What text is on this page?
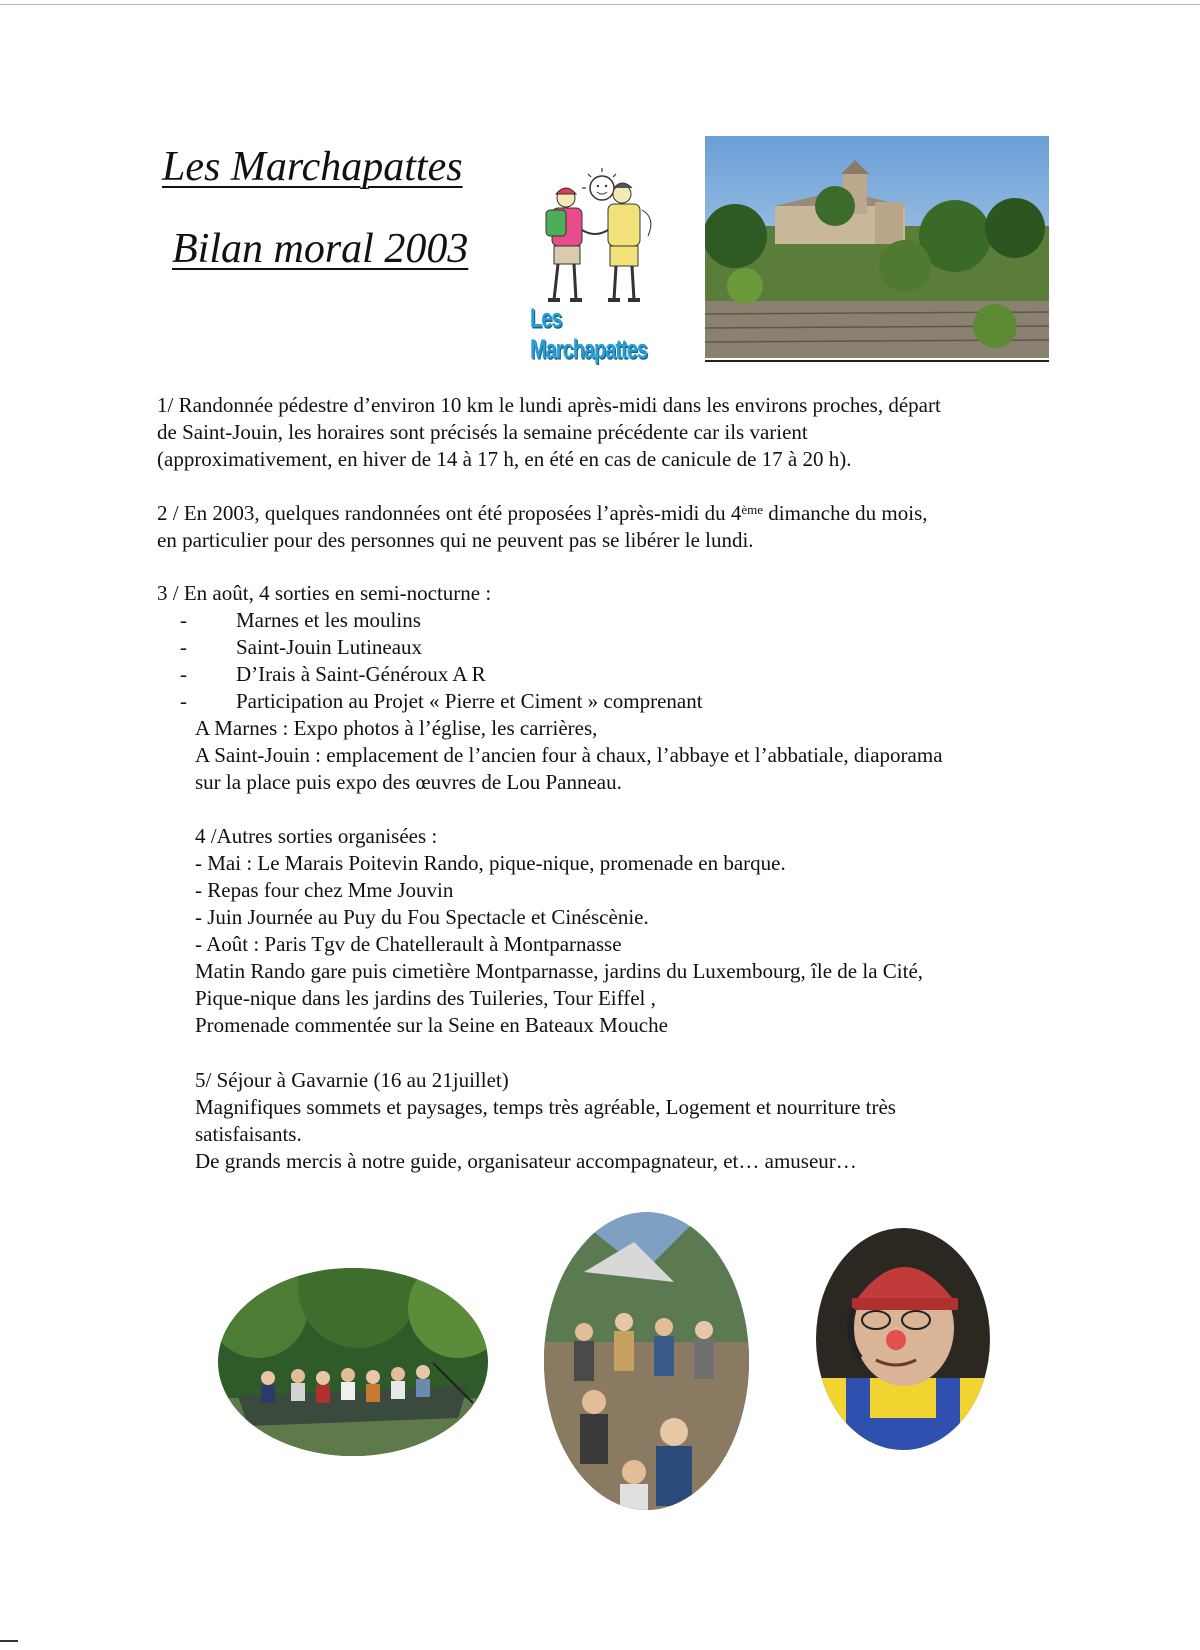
Les Marchapattes
Bilan moral 2003
Les Marchapattes
1/ Randonnée pédestre d’environ 10 km le lundi après-midi dans les environs proches, départ
de Saint-Jouin, les horaires sont précisés la semaine précédente car ils varient
(approximativement, en hiver de 14 à 17 h, en été en cas de canicule de 17 à 20 h).
2 / En 2003, quelques randonnées ont été proposées l’après-midi du 4ème dimanche du mois,
en particulier pour des personnes qui ne peuvent pas se libérer le lundi.
3 / En août, 4 sorties en semi-nocturne :
- Marnes et les moulins
- Saint-Jouin Lutineaux
- D’Irais à Saint-Généroux A R
- Participation au Projet « Pierre et Ciment » comprenant
A Marnes : Expo photos à l’église, les carrières,
A Saint-Jouin : emplacement de l’ancien four à chaux, l’abbaye et l’abbatiale, diaporama
sur la place puis expo des œuvres de Lou Panneau.
4 /Autres sorties organisées :
- Mai : Le Marais Poitevin Rando, pique-nique, promenade en barque.
- Repas four chez Mme Jouvin
- Juin Journée au Puy du Fou Spectacle et Cinéscènie.
- Août : Paris Tgv de Chatellerault à Montparnasse
Matin Rando gare puis cimetière Montparnasse, jardins du Luxembourg, île de la Cité,
Pique-nique dans les jardins des Tuileries, Tour Eiffel ,
Promenade commentée sur la Seine en Bateaux Mouche
5/ Séjour à Gavarnie (16 au 21juillet)
Magnifiques sommets et paysages, temps très agréable, Logement et nourriture très
satisfaisants.
De grands mercis à notre guide, organisateur accompagnateur, et… amuseur…
